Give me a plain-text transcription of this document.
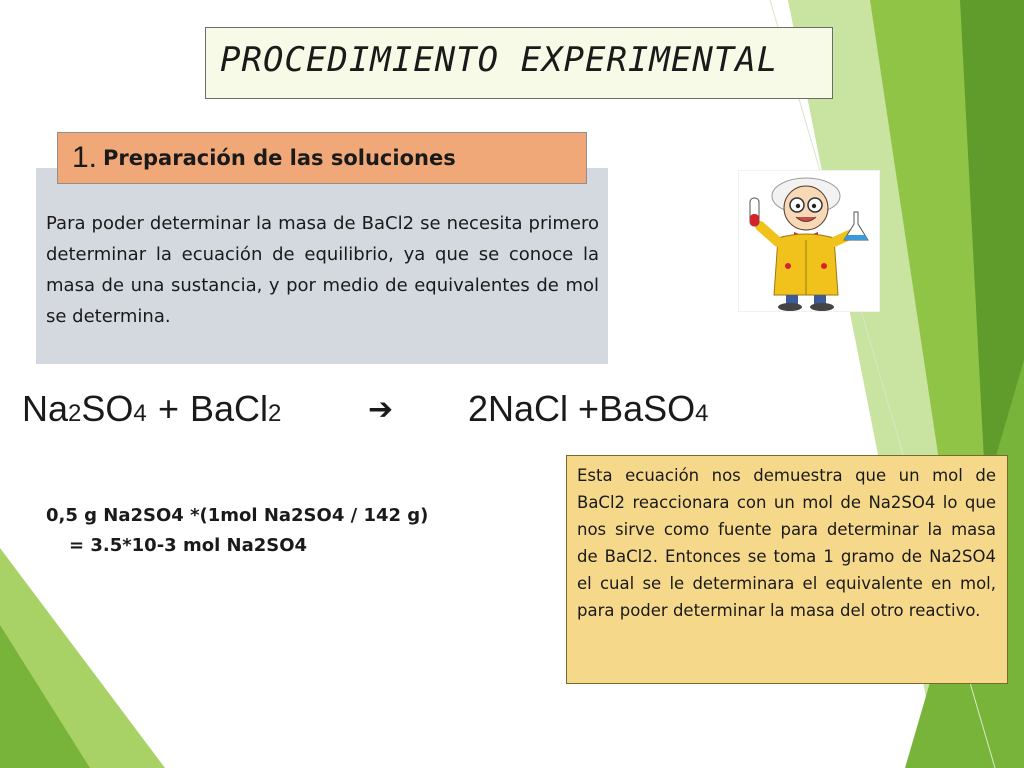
PROCEDIMIENTO EXPERIMENTAL
1. Preparación de las soluciones

Para poder determinar la masa de BaCl2 se necesita primero determinar la ecuación de equilibrio, ya que se conoce la masa de una sustancia, y por medio de equivalentes de mol se determina.

Na2SO4 + BaCl2	➔ 2NaCl +BaSO4
0,5 g Na2SO4 *(1mol Na2SO4 / 142 g)
= 3.5*10-3 mol Na2SO4

Esta ecuación nos demuestra que un mol de BaCl2 reaccionara con un mol de Na2SO4 lo que nos sirve como fuente para determinar la masa de BaCl2. Entonces se toma 1 gramo de Na2SO4 el cual se le determinara el equivalente en mol, para poder determinar la masa del otro reactivo.
